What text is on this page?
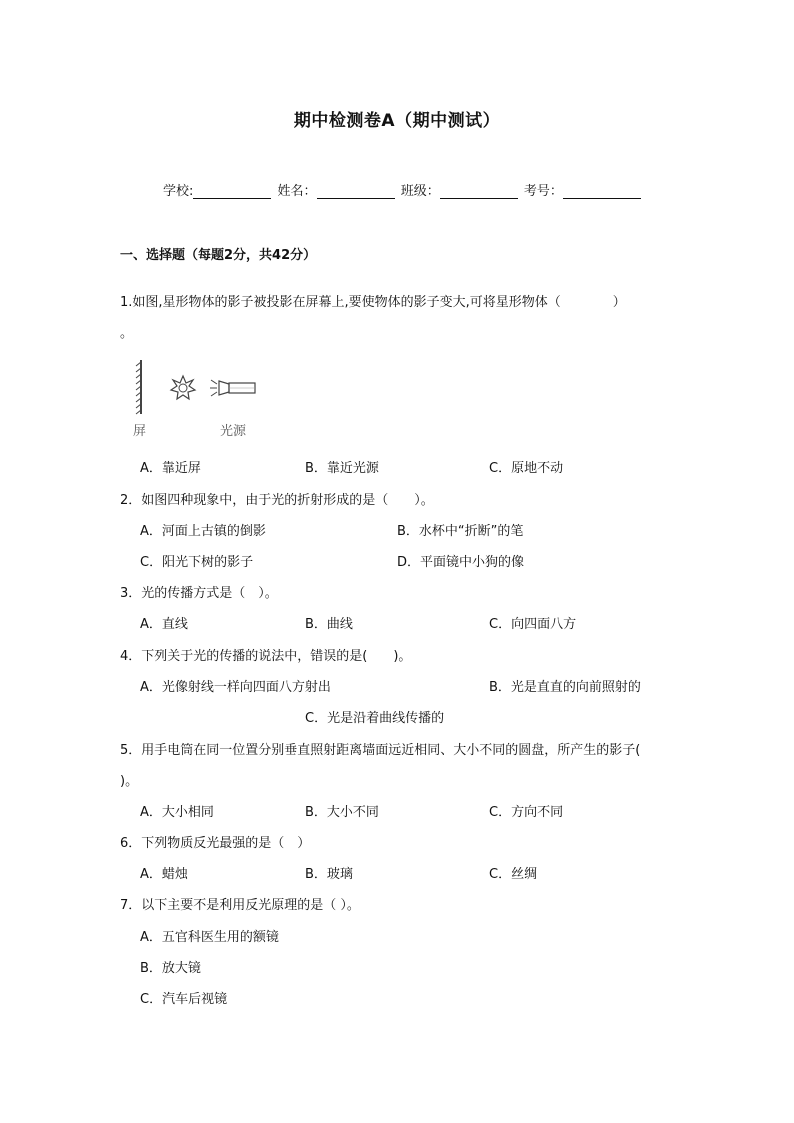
期中检测卷A（期中测试）
学校:	姓名：	班级：	考号：
一、选择题（每题2分，共42分）
1.如图,星形物体的影子被投影在屏幕上,要使物体的影子变大,可将星形物体（　　　　）
。
屏	光源
A．靠近屏	B．靠近光源	C．原地不动
2．如图四种现象中，由于光的折射形成的是（　　）。
A．河面上古镇的倒影	B．水杯中“折断”的笔
C．阳光下树的影子	D．平面镜中小狗的像
3．光的传播方式是（　）。
A．直线	B．曲线	C．向四面八方
4．下列关于光的传播的说法中，错误的是(　　)。
A．光像射线一样向四面八方射出	B．光是直直的向前照射的
C．光是沿着曲线传播的
5．用手电筒在同一位置分别垂直照射距离墙面远近相同、大小不同的圆盘，所产生的影子(
)。
A．大小相同	B．大小不同	C．方向不同
6．下列物质反光最强的是（　）
A．蜡烛	B．玻璃	C．丝绸
7．以下主要不是利用反光原理的是（ ）。
A．五官科医生用的额镜
B．放大镜
C．汽车后视镜
